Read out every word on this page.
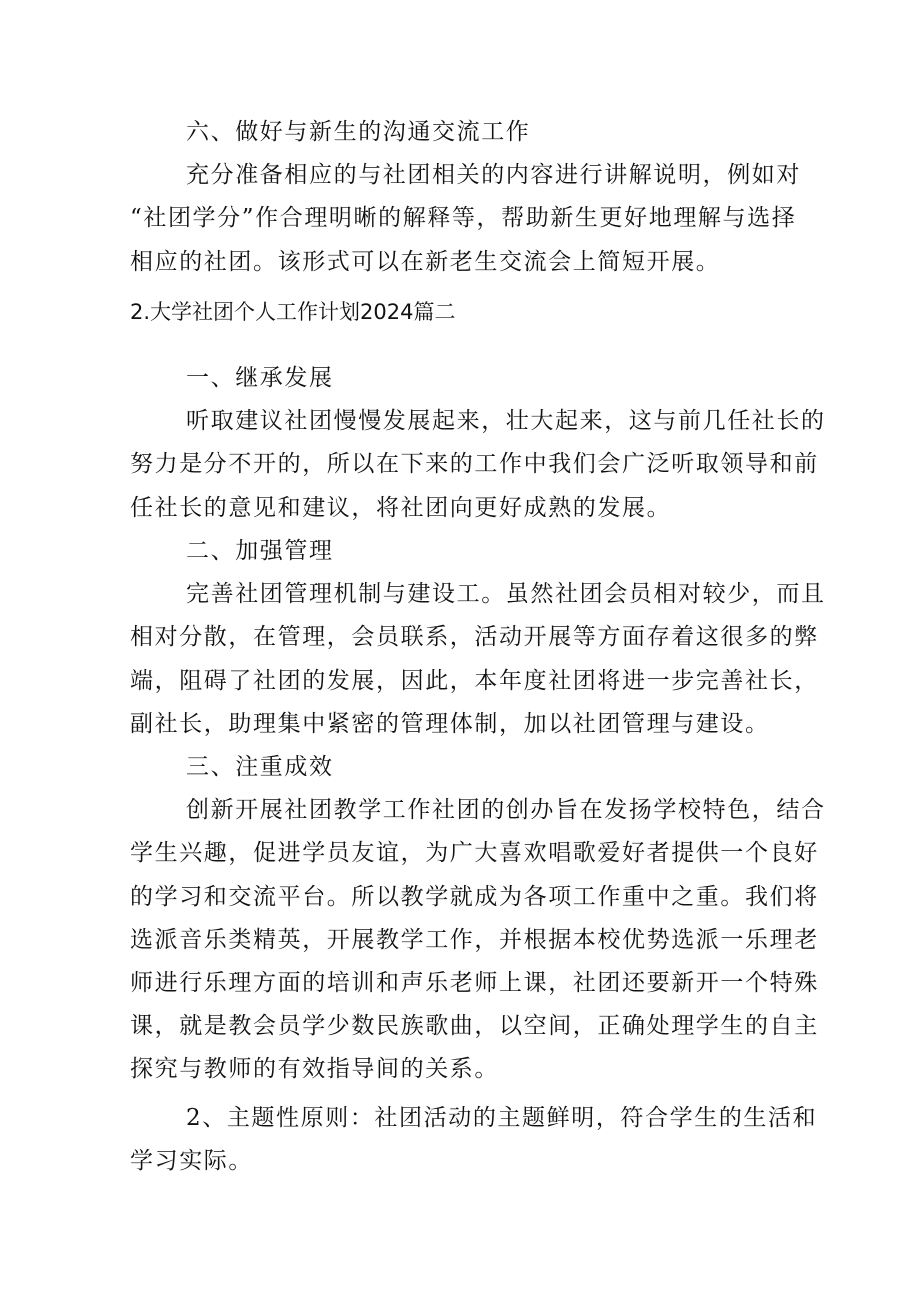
六、做好与新生的沟通交流工作
充分准备相应的与社团相关的内容进行讲解说明，例如对
“社团学分”作合理明晰的解释等，帮助新生更好地理解与选择
相应的社团。该形式可以在新老生交流会上简短开展。
2.大学社团个人工作计划2024篇二
一、继承发展
听取建议社团慢慢发展起来，壮大起来，这与前几任社长的
努力是分不开的，所以在下来的工作中我们会广泛听取领导和前
任社长的意见和建议，将社团向更好成熟的发展。
二、加强管理
完善社团管理机制与建设工。虽然社团会员相对较少，而且
相对分散，在管理，会员联系，活动开展等方面存着这很多的弊
端，阻碍了社团的发展，因此，本年度社团将进一步完善社长，
副社长，助理集中紧密的管理体制，加以社团管理与建设。
三、注重成效
创新开展社团教学工作社团的创办旨在发扬学校特色，结合
学生兴趣，促进学员友谊，为广大喜欢唱歌爱好者提供一个良好
的学习和交流平台。所以教学就成为各项工作重中之重。我们将
选派音乐类精英，开展教学工作，并根据本校优势选派一乐理老
师进行乐理方面的培训和声乐老师上课，社团还要新开一个特殊
课，就是教会员学少数民族歌曲，以空间，正确处理学生的自主
探究与教师的有效指导间的关系。
2、主题性原则：社团活动的主题鲜明，符合学生的生活和
学习实际。
